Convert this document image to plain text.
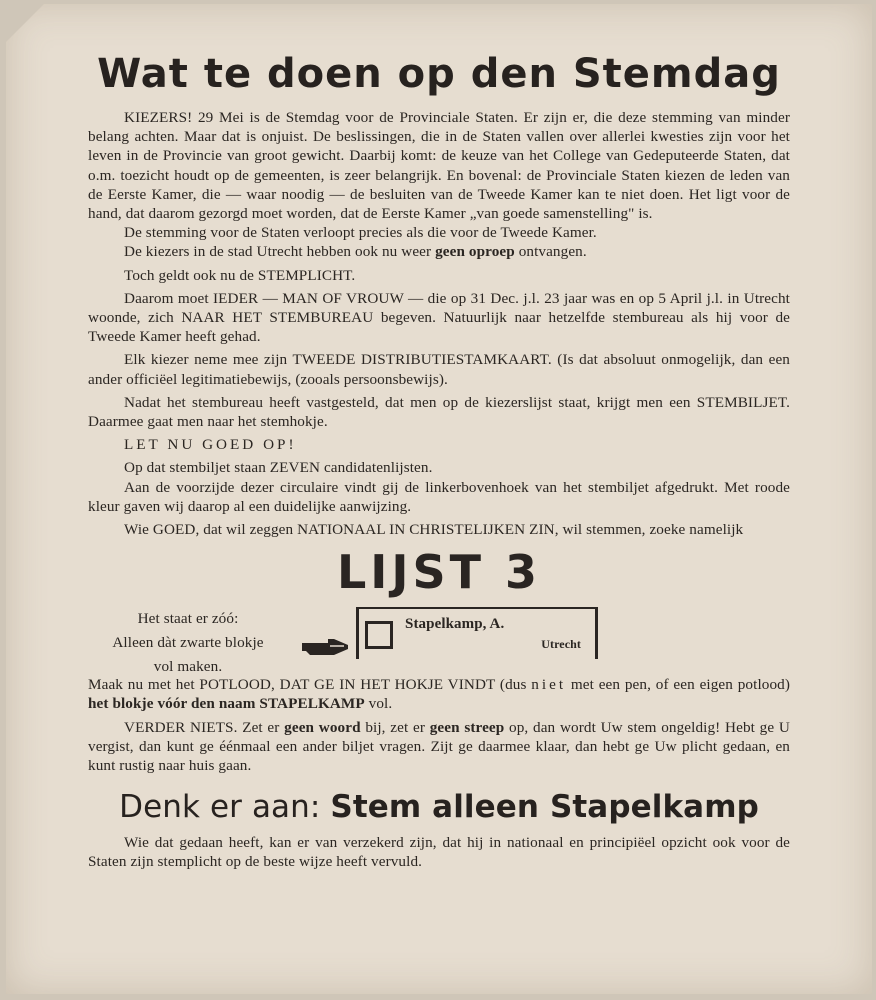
Wat te doen op den Stemdag

KIEZERS! 29 Mei is de Stemdag voor de Provinciale Staten. Er zijn er, die deze stemming van minder belang achten. Maar dat is onjuist. De beslissingen, die in de Staten vallen over allerlei kwesties zijn voor het leven in de Provincie van groot gewicht. Daarbij komt: de keuze van het College van Gedeputeerde Staten, dat o.m. toezicht houdt op de gemeenten, is zeer belangrijk. En bovenal: de Provinciale Staten kiezen de leden van de Eerste Kamer, die — waar noodig — de besluiten van de Tweede Kamer kan te niet doen. Het ligt voor de hand, dat daarom gezorgd moet worden, dat de Eerste Kamer „van goede samenstelling" is.

De stemming voor de Staten verloopt precies als die voor de Tweede Kamer.

De kiezers in de stad Utrecht hebben ook nu weer geen oproep ontvangen.

Toch geldt ook nu de STEMPLICHT.

Daarom moet IEDER — MAN OF VROUW — die op 31 Dec. j.l. 23 jaar was en op 5 April j.l. in Utrecht woonde, zich NAAR HET STEMBUREAU begeven. Natuurlijk naar hetzelfde stembureau als hij voor de Tweede Kamer heeft gehad.

Elk kiezer neme mee zijn TWEEDE DISTRIBUTIESTAMKAART. (Is dat absoluut onmogelijk, dan een ander officiëel legitimatiebewijs, (zooals persoonsbewijs).

Nadat het stembureau heeft vastgesteld, dat men op de kiezerslijst staat, krijgt men een STEMBILJET. Daarmee gaat men naar het stemhokje.

LET NU GOED OP!

Op dat stembiljet staan ZEVEN candidatenlijsten.

Aan de voorzijde dezer circulaire vindt gij de linkerbovenhoek van het stembiljet afgedrukt. Met roode kleur gaven wij daarop al een duidelijke aanwijzing.

Wie GOED, dat wil zeggen NATIONAAL IN CHRISTELIJKEN ZIN, wil stemmen, zoeke namelijk

LIJST 3
Het staat er zóó:
Alleen dàt zwarte blokje
vol maken.
Stapelkamp, A.
Utrecht

Maak nu met het POTLOOD, DAT GE IN HET HOKJE VINDT (dus niet met een pen, of een eigen potlood) het blokje vóór den naam STAPELKAMP vol.

VERDER NIETS. Zet er geen woord bij, zet er geen streep op, dan wordt Uw stem ongeldig! Hebt ge U vergist, dan kunt ge éénmaal een ander biljet vragen. Zijt ge daarmee klaar, dan hebt ge Uw plicht gedaan, en kunt rustig naar huis gaan.

Denk er aan: Stem alleen Stapelkamp

Wie dat gedaan heeft, kan er van verzekerd zijn, dat hij in nationaal en principiëel opzicht ook voor de Staten zijn stemplicht op de beste wijze heeft vervuld.
